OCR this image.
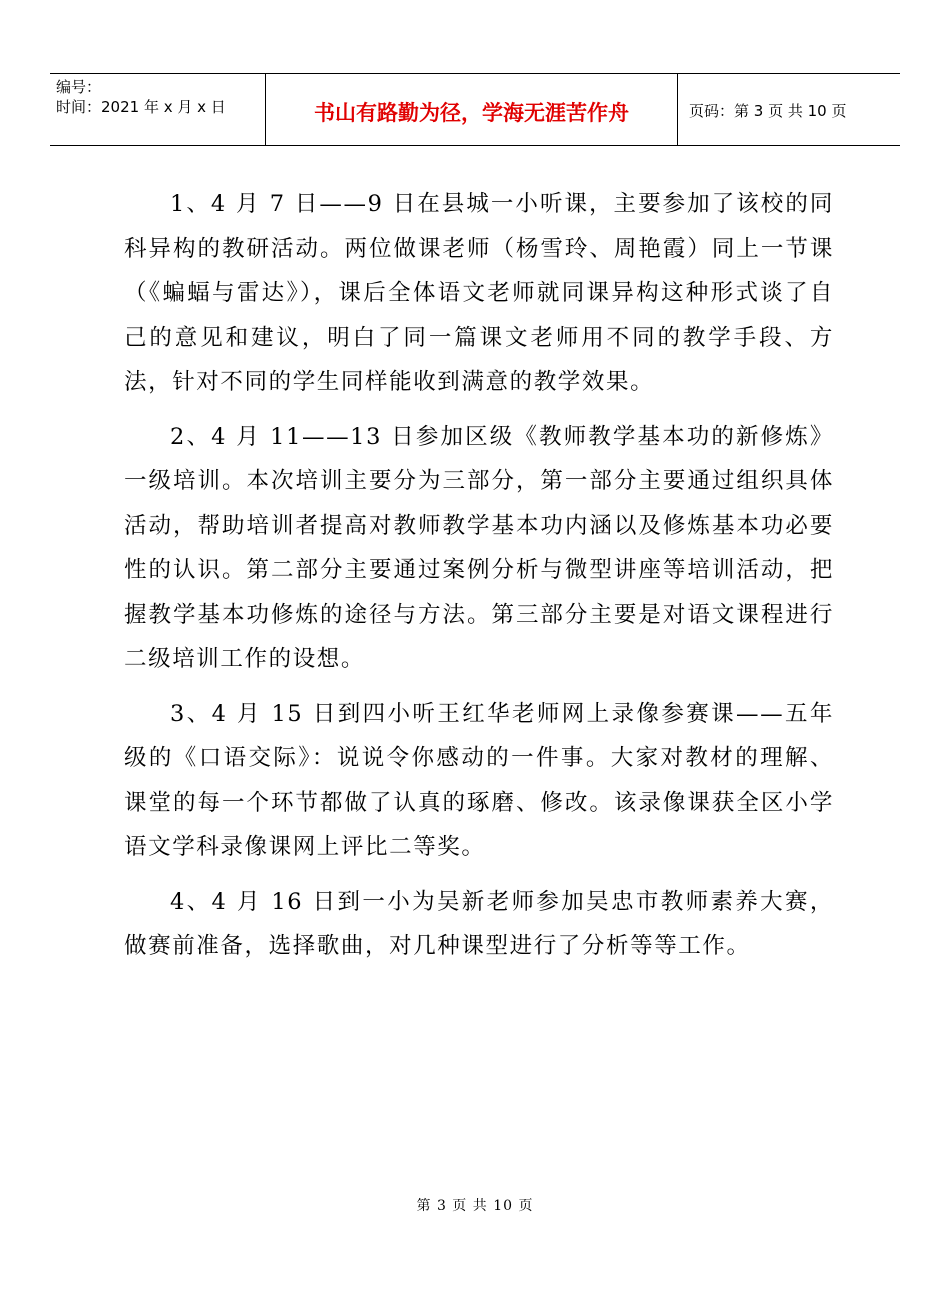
编号：
时间：2021 年 x 月 x 日	书山有路勤为径，学海无涯苦作舟	页码：第 3 页 共 10 页

1、4 月 7 日——9 日在县城一小听课，主要参加了该校的同科异构的教研活动。两位做课老师（杨雪玲、周艳霞）同上一节课（《蝙蝠与雷达》），课后全体语文老师就同课异构这种形式谈了自己的意见和建议，明白了同一篇课文老师用不同的教学手段、方法，针对不同的学生同样能收到满意的教学效果。

2、4 月 11——13 日参加区级《教师教学基本功的新修炼》一级培训。本次培训主要分为三部分，第一部分主要通过组织具体活动，帮助培训者提高对教师教学基本功内涵以及修炼基本功必要性的认识。第二部分主要通过案例分析与微型讲座等培训活动，把握教学基本功修炼的途径与方法。第三部分主要是对语文课程进行二级培训工作的设想。

3、4 月 15 日到四小听王红华老师网上录像参赛课——五年级的《口语交际》：说说令你感动的一件事。大家对教材的理解、课堂的每一个环节都做了认真的琢磨、修改。该录像课获全区小学语文学科录像课网上评比二等奖。

4、4 月 16 日到一小为吴新老师参加吴忠市教师素养大赛，做赛前准备，选择歌曲，对几种课型进行了分析等等工作。

第 3 页 共 10 页
